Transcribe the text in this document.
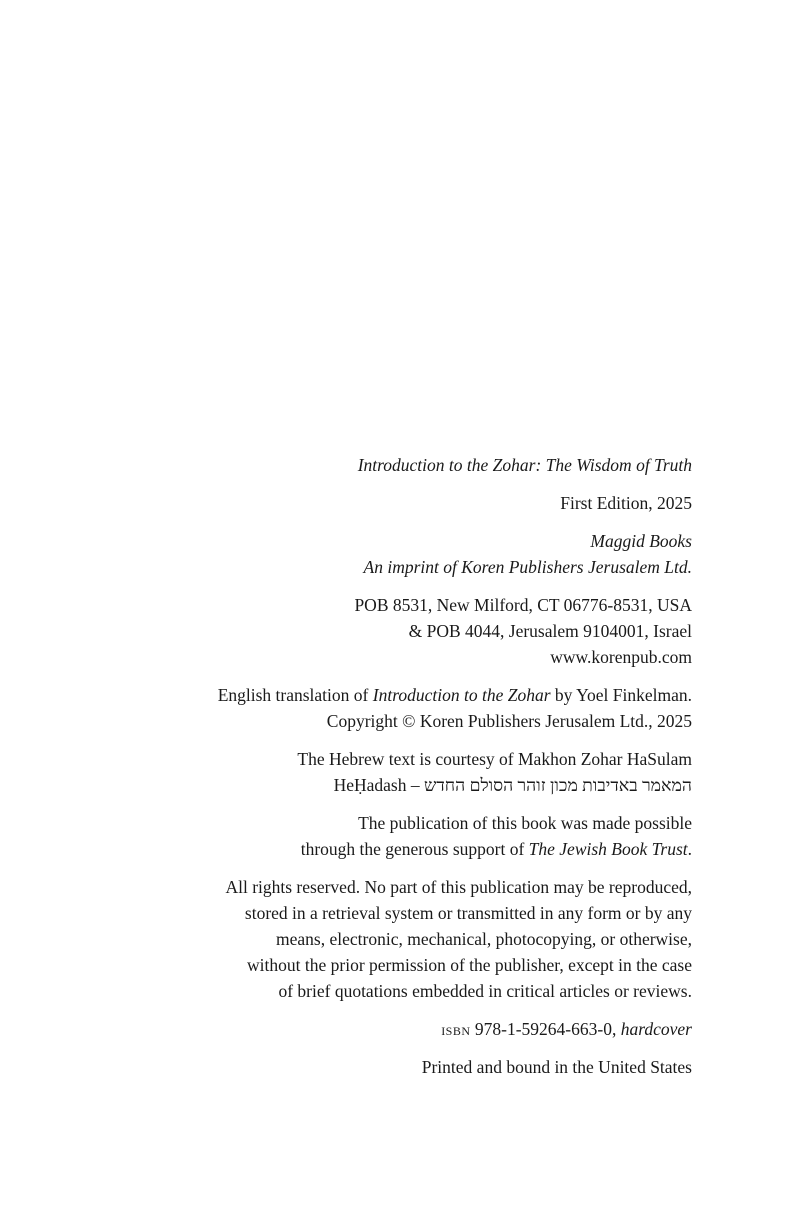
Introduction to the Zohar: The Wisdom of Truth
First Edition, 2025
Maggid Books
An imprint of Koren Publishers Jerusalem Ltd.
POB 8531, New Milford, CT 06776-8531, USA
& POB 4044, Jerusalem 9104001, Israel
www.korenpub.com
English translation of Introduction to the Zohar by Yoel Finkelman.
Copyright © Koren Publishers Jerusalem Ltd., 2025
The Hebrew text is courtesy of Makhon Zohar HaSulam
HeḤadash – המאמר באדיבות מכון זוהר הסולם החדש
The publication of this book was made possible
through the generous support of The Jewish Book Trust.
All rights reserved. No part of this publication may be reproduced,
stored in a retrieval system or transmitted in any form or by any
means, electronic, mechanical, photocopying, or otherwise,
without the prior permission of the publisher, except in the case
of brief quotations embedded in critical articles or reviews.
isbn 978-1-59264-663-0, hardcover
Printed and bound in the United States
